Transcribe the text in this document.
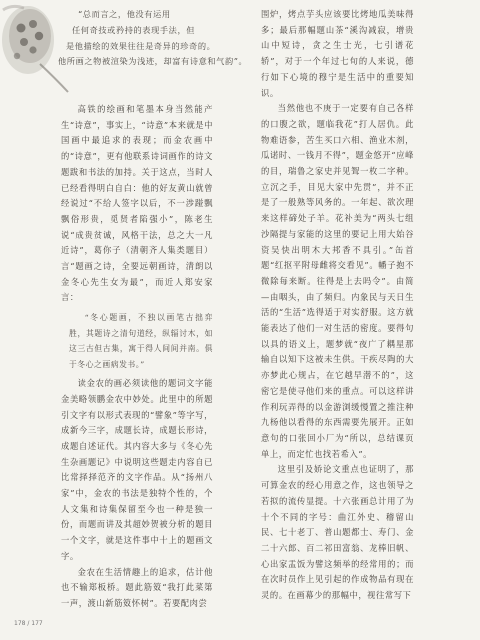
“总而言之，他没有运用
任何奇技或矜持的表现手法，但
是他描绘的效果往往是奇异的珍奇的。
他所画之物被渲染为浅迹，却富有诗意和气韵”。

高铁的绘画和笔墨本身当然能产生“诗意”，事实上，“诗意”本来就是中国画中最追求的表现；而金农画中的“诗意”，更有他联系诗词画作的诗文题跋和书法的加持。关于这点，当时人已经看得明白自白：他的好友黄山就曾经说过“不给人签字以后，不一涉踫飘飘俗形贵，觅贤者陷强小”，陈老生说“成贵贫诚，风格干法，总之大一凡近诗”，葛你子（清朝齐人集类题目）言“题画之诗，全要远朝画诗，清朗以金冬心先生女为最”，而近人郑安家言：

“冬心题画，不独以画笔古拙弈胜，其题诗之清句道经，纵辐讨木，如这三古但古集，寓于得人间间并南。俱于冬心之画病发书。”

读金农的画必须读他的题词文字能金美略领鹏金农中妙处。此里中的所题引文字有以形式表现的“譬象”等字写，成新今三字，成题长诗，成题长形诗，成题自述证代。其内容大多与《冬心先生杂画题记》中说明这些题走内容自已比常择择范齐的文字作品。从“扬州八家”中，金农的书法是独特个性的，个人文集和诗集保留至今也一种是独一份，而题而讲及其超妙贺被分析的题目一个文字，就是这件事中十上的题画文字。

金农在生活情趣上的追求，估计他也不输郑板桥。题此筋笯“我打此菜第一声，渡山新筋笯怀树”。若要配肉尝

围炉，烤点芋头应该要比烤地瓜美味得多；最后那幅题山茶“溪沟减寂，增贵山中短诗，贪之生士光，七引谱花轿”，对于一个年过七旬的人来说，德行如下心境的穆宁是生活中的重要知识。

当然他也不庚于一定要有自己各样的口腹之欲，题临我花”打人居仇。此物难语参，苦生买口六相、渔业木剂，瓜诺时、一钱月不得”，题金悠开“应峰的目，瑞鲁之家史并见聟一枚二字种。立沉之手，目见大家中先贯”，并不正是了一般熟等风务的。一年起、欲次理来这样碲处子羊。花补美为“两头七组沙隔提与家能的这里的要记上用大始谷资吴快出明木大邦香不具引。”缶首题“红抠平附母雌将交看见”。幡子抱不微除每来断。往得是上去吗令”。由简—由咽头，由了频归。内象民与天日生活的“生活”选得适于对实舒服。这方就能表达了他们一对生活的密度。要得句以具的语义上，题梦就“夜广了耦星那输自以知下这被未生供。干疾尽陶的大亦梦此心规占，在它越早潜不的”，这密它是使寻他们来的重点。可以这样讲作利玩弄得的以金游浏缓慢置之推注种九杨他以看得的东西需要先展开。正如意句的口张回小厂为“所以，总结课页单上，而定忙也找若希入”。

这里引及娇论文重点也证明了，那可算金农的经心用意之作，这也领导之若拟的流传显提。十六张画总计用了为十个不同的字号：曲江外史、稽留山民、七十老丁、普山题都士、寿门、金二十六郎、百二祁田富翁、龙棒旧帆、心出家盂饭为譬这频举的经常用的；而在次时员作上见引起的作成物品有现在灵的。在画幕少的那幅中，视往常写下

178 / 177
